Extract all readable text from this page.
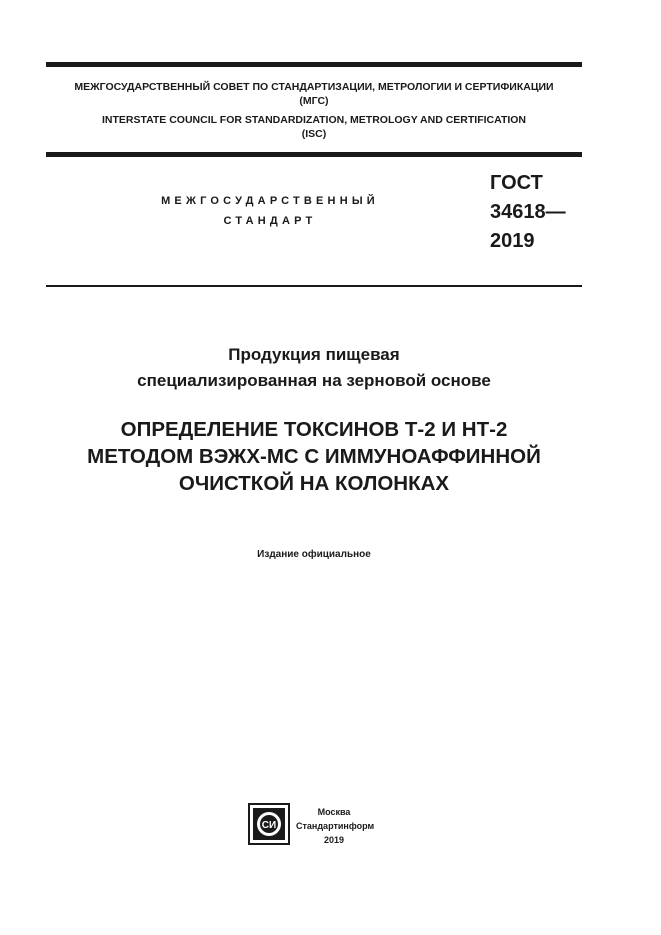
МЕЖГОСУДАРСТВЕННЫЙ СОВЕТ ПО СТАНДАРТИЗАЦИИ, МЕТРОЛОГИИ И СЕРТИФИКАЦИИ
(МГС)
INTERSTATE COUNCIL FOR STANDARDIZATION, METROLOGY AND CERTIFICATION
(ISC)
МЕЖГОСУДАРСТВЕННЫЙ
СТАНДАРТ
ГОСТ
34618—
2019
Продукция пищевая
специализированная на зерновой основе
ОПРЕДЕЛЕНИЕ ТОКСИНОВ Т-2 И НТ-2
МЕТОДОМ ВЭЖХ-МС С ИММУНОАФФИННОЙ
ОЧИСТКОЙ НА КОЛОНКАХ
Издание официальное
СИ
Москва
Стандартинформ
2019
